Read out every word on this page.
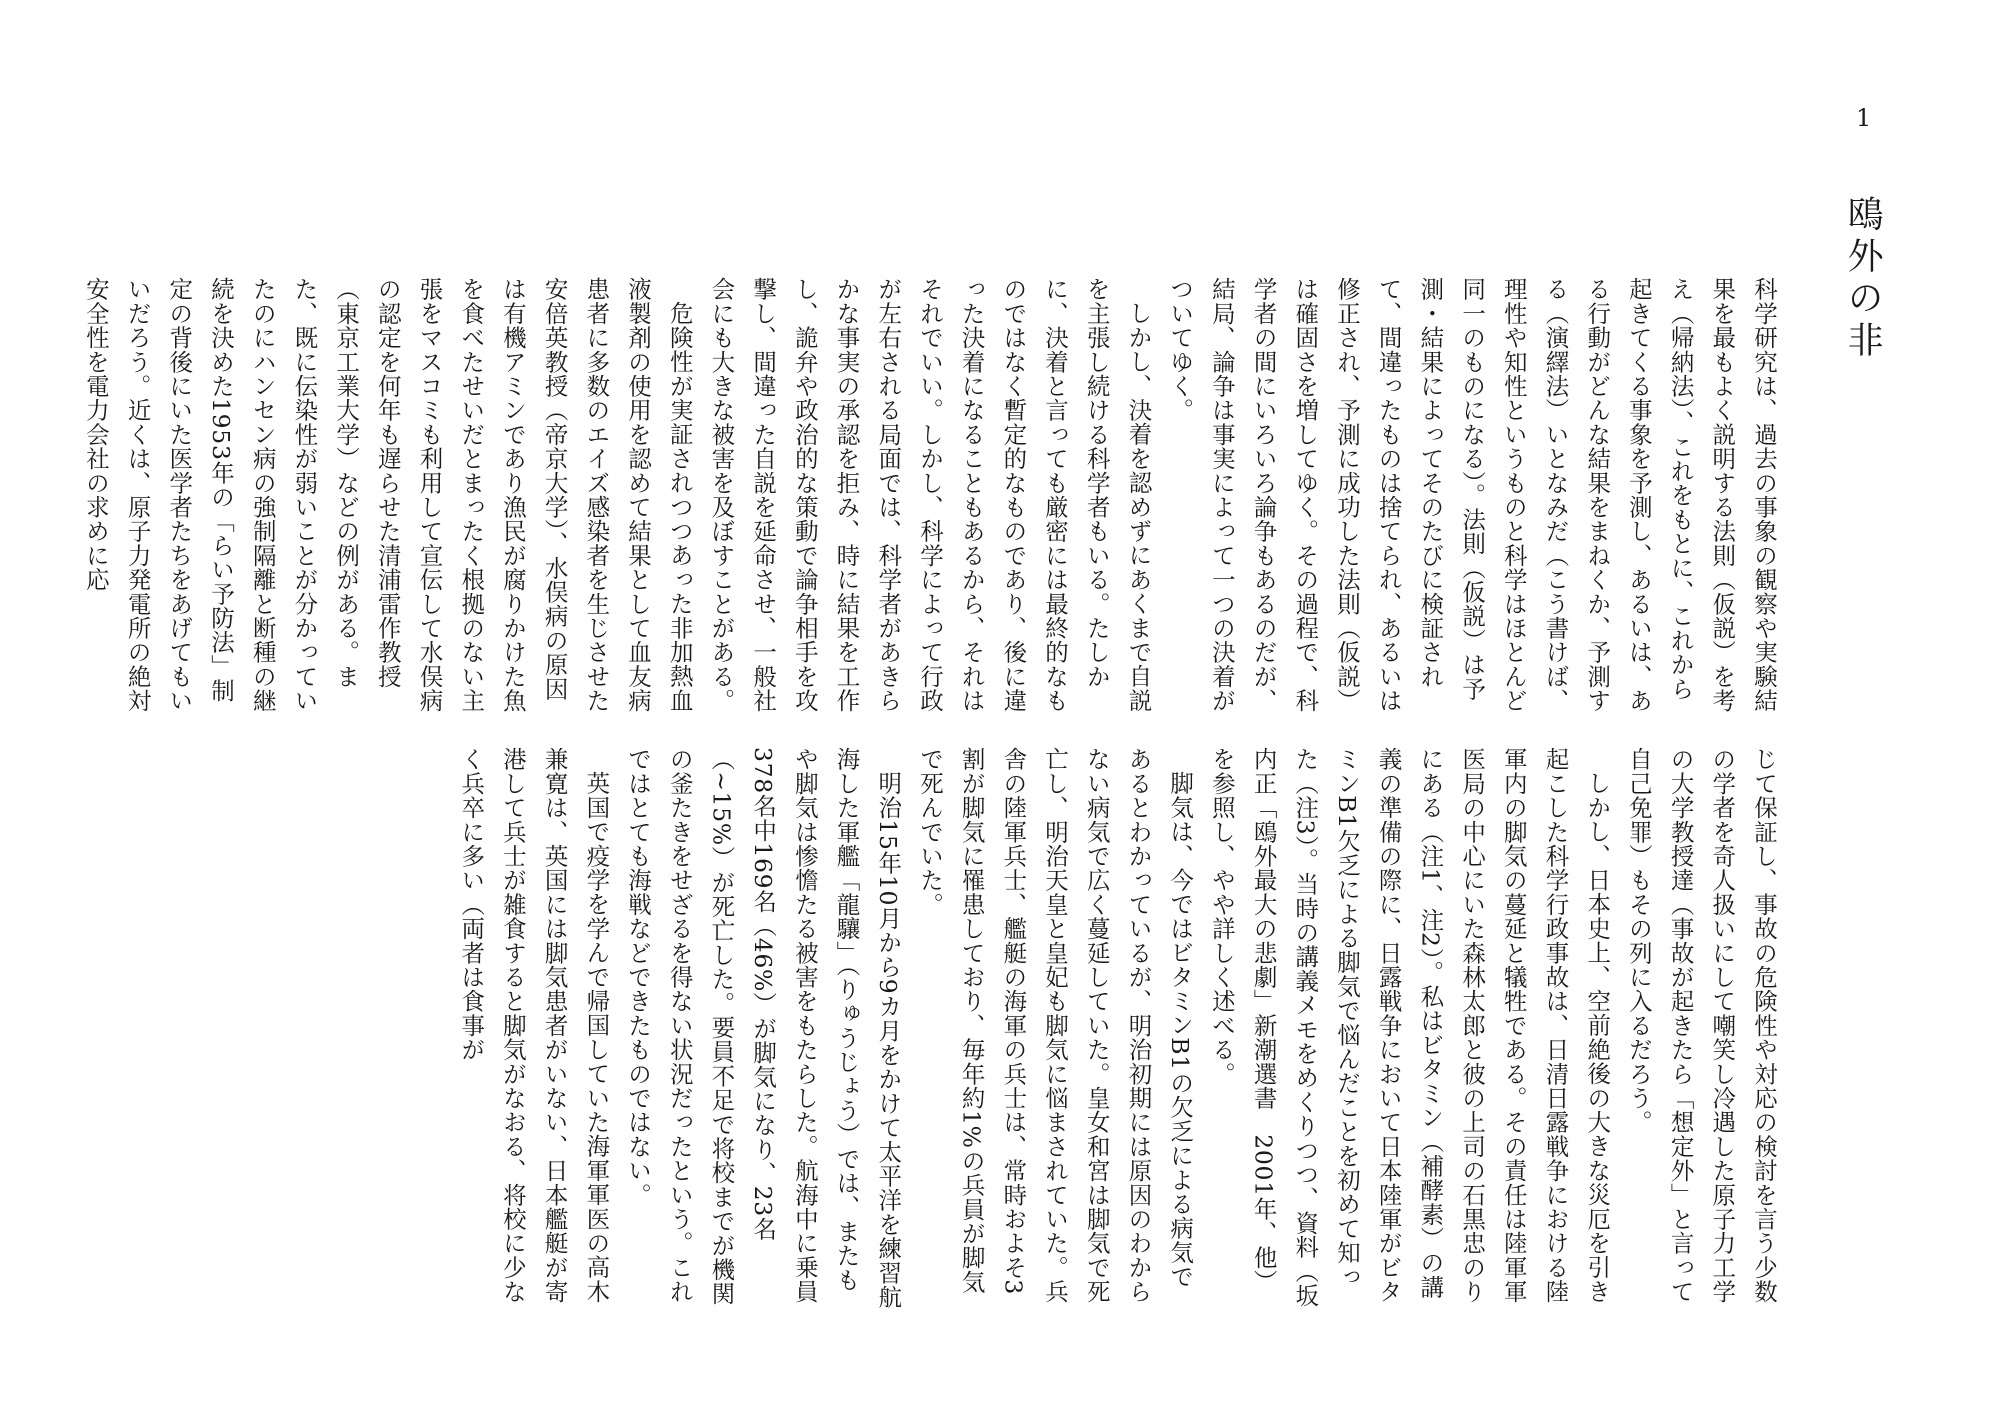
1
鴎外の非

科学研究は、過去の事象の観察や実験結果を最もよく説明する法則（仮説）を考え（帰納法）、これをもとに、これから起きてくる事象を予測し、あるいは、ある行動がどんな結果をまねくか、予測する（演繹法）いとなみだ（こう書けば、理性や知性というものと科学はほとんど同一のものになる）。法則（仮説）は予測・結果によってそのたびに検証されて、間違ったものは捨てられ、あるいは修正され、予測に成功した法則（仮説）は確固さを増してゆく。その過程で、科学者の間にいろいろ論争もあるのだが、結局、論争は事実によって一つの決着がついてゆく。

しかし、決着を認めずにあくまで自説を主張し続ける科学者もいる。たしかに、決着と言っても厳密には最終的なものではなく暫定的なものであり、後に違った決着になることもあるから、それはそれでいい。しかし、科学によって行政が左右される局面では、科学者があきらかな事実の承認を拒み、時に結果を工作し、詭弁や政治的な策動で論争相手を攻撃し、間違った自説を延命させ、一般社会にも大きな被害を及ぼすことがある。

危険性が実証されつつあった非加熱血液製剤の使用を認めて結果として血友病患者に多数のエイズ感染者を生じさせた安倍英教授（帝京大学）、水俣病の原因は有機アミンであり漁民が腐りかけた魚を食べたせいだとまったく根拠のない主張をマスコミも利用して宣伝して水俣病の認定を何年も遅らせた清浦雷作教授（東京工業大学）などの例がある。また、既に伝染性が弱いことが分かっていたのにハンセン病の強制隔離と断種の継続を決めた1953年の「らい予防法」制定の背後にいた医学者たちをあげてもいいだろう。近くは、原子力発電所の絶対安全性を電力会社の求めに応

じて保証し、事故の危険性や対応の検討を言う少数の学者を奇人扱いにして嘲笑し冷遇した原子力工学の大学教授達（事故が起きたら「想定外」と言って自己免罪）もその列に入るだろう。

しかし、日本史上、空前絶後の大きな災厄を引き起こした科学行政事故は、日清日露戦争における陸軍内の脚気の蔓延と犠牲である。その責任は陸軍軍医局の中心にいた森林太郎と彼の上司の石黒忠のりにある（注1、注2）。私はビタミン（補酵素）の講義の準備の際に、日露戦争において日本陸軍がビタミンB1欠乏による脚気で悩んだことを初めて知った（注3）。当時の講義メモをめくりつつ、資料（坂内正「鴎外最大の悲劇」新潮選書　2001年、他）を参照し、やや詳しく述べる。

脚気は、今ではビタミンB1の欠乏による病気であるとわかっているが、明治初期には原因のわからない病気で広く蔓延していた。皇女和宮は脚気で死亡し、明治天皇と皇妃も脚気に悩まされていた。兵舎の陸軍兵士、艦艇の海軍の兵士は、常時およそ3割が脚気に罹患しており、毎年約1%の兵員が脚気で死んでいた。

明治15年10月から9カ月をかけて太平洋を練習航海した軍艦「龍驤」（りゅうじょう）では、またもや脚気は惨憺たる被害をもたらした。航海中に乗員378名中169名（46%）が脚気になり、23名（~15%）が死亡した。要員不足で将校までが機関の釜たきをせざるを得ない状況だったという。これではとても海戦などできたものではない。

英国で疫学を学んで帰国していた海軍軍医の高木兼寛は、英国には脚気患者がいない、日本艦艇が寄港して兵士が雑食すると脚気がなおる、将校に少なく兵卒に多い（両者は食事が
